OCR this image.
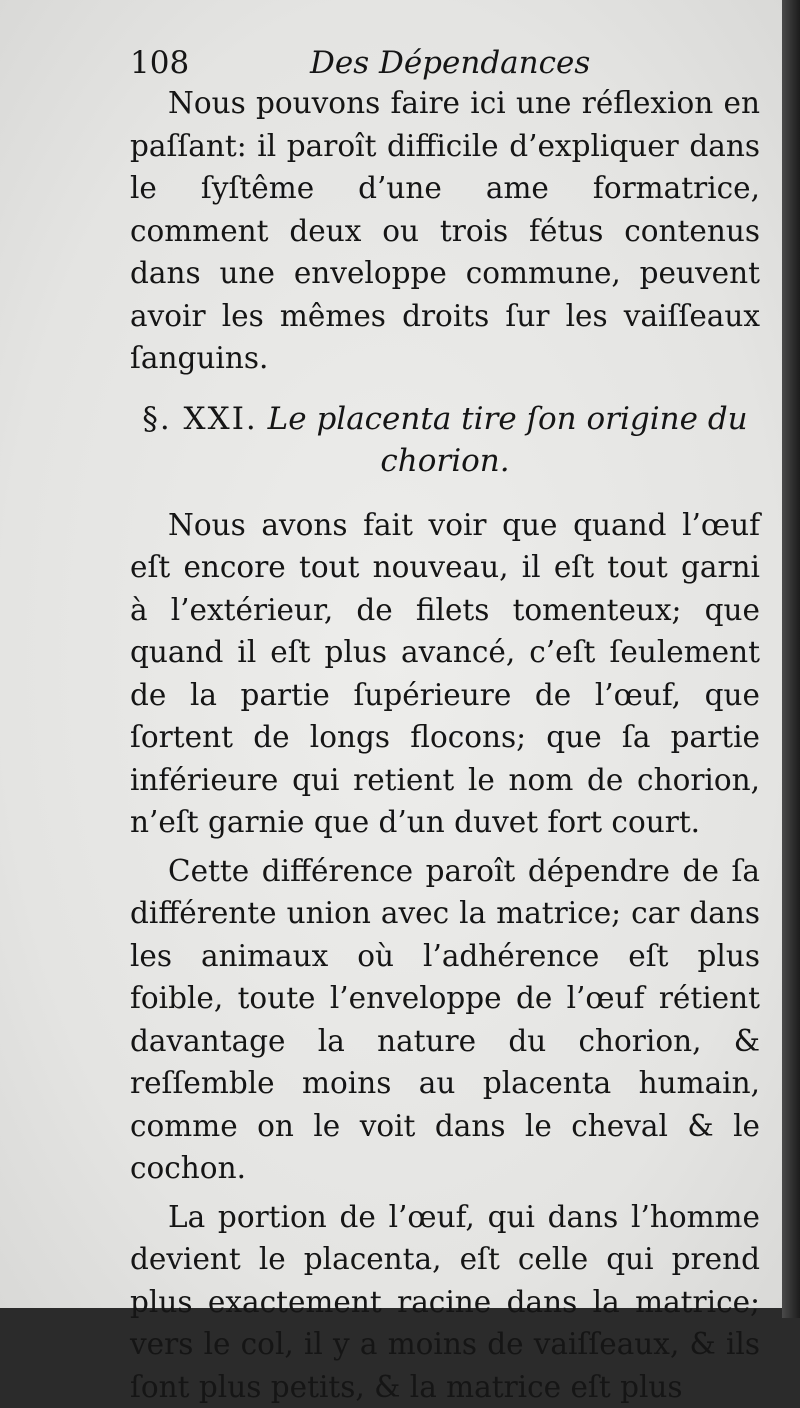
108	Des Dépendances

Nous pouvons faire ici une réflexion en paſſant: il paroît difficile d’expliquer dans le ſyſtême d’une ame formatrice, comment deux ou trois fétus contenus dans une enveloppe commune, peuvent avoir les mêmes droits ſur les vaiſſeaux ſanguins.

§. XXI. Le placenta tire ſon origine du chorion.

Nous avons fait voir que quand l’œuf eſt encore tout nouveau, il eſt tout garni à l’extérieur, de filets tomenteux; que quand il eſt plus avancé, c’eſt ſeulement de la partie ſupérieure de l’œuf, que ſortent de longs flocons; que ſa partie inférieure qui retient le nom de chorion, n’eſt garnie que d’un duvet fort court.

Cette différence paroît dépendre de ſa différente union avec la matrice; car dans les animaux où l’adhérence eſt plus foible, toute l’enveloppe de l’œuf rétient davantage la nature du chorion, & reſſemble moins au placenta humain, comme on le voit dans le cheval & le cochon.

La portion de l’œuf, qui dans l’homme devient le placenta, eſt celle qui prend plus exactement racine dans la matrice; vers le col, il y a moins de vaiſſeaux, & ils ſont plus petits, & la matrice eſt plus
